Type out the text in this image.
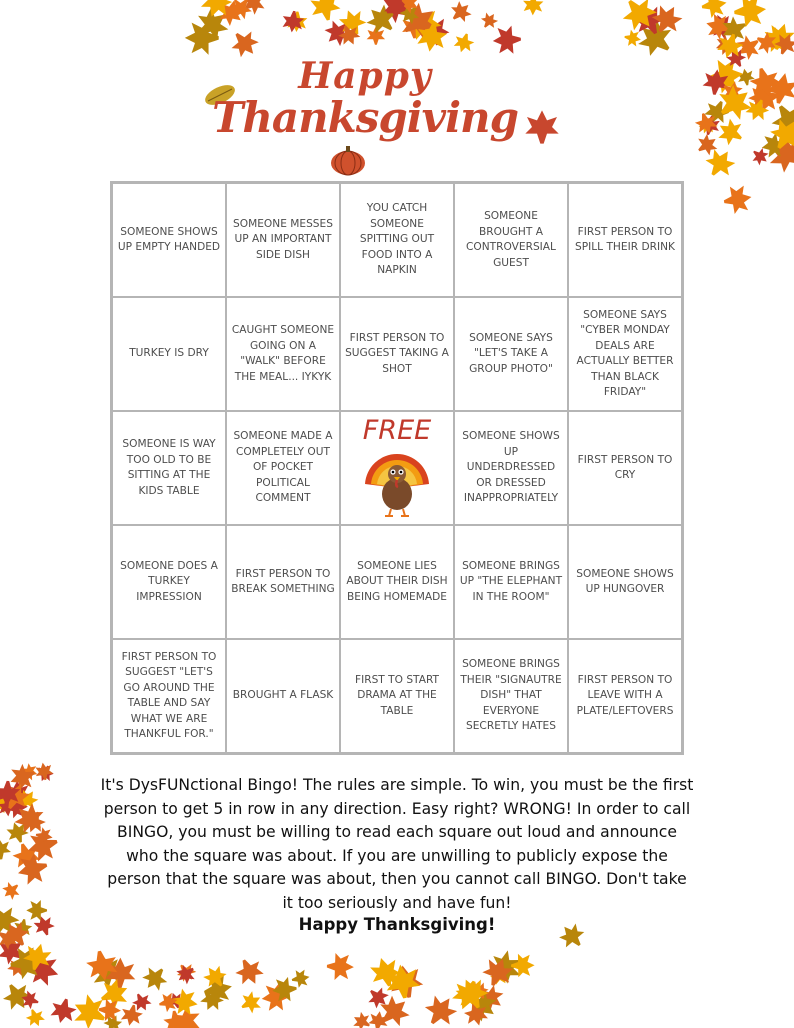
Happy
Thanksgiving
SOMEONE SHOWS UP EMPTY HANDED
SOMEONE MESSES UP AN IMPORTANT SIDE DISH
YOU CATCH SOMEONE SPITTING OUT FOOD INTO A NAPKIN
SOMEONE BROUGHT A CONTROVERSIAL GUEST
FIRST PERSON TO SPILL THEIR DRINK
TURKEY IS DRY
CAUGHT SOMEONE GOING ON A "WALK" BEFORE THE MEAL... IYKYK
FIRST PERSON TO SUGGEST TAKING A SHOT
SOMEONE SAYS "LET'S TAKE A GROUP PHOTO"
SOMEONE SAYS "CYBER MONDAY DEALS ARE ACTUALLY BETTER THAN BLACK FRIDAY"
SOMEONE IS WAY TOO OLD TO BE SITTING AT THE KIDS TABLE
SOMEONE MADE A COMPLETELY OUT OF POCKET POLITICAL COMMENT
FREE	SOMEONE SHOWS UP UNDERDRESSED OR DRESSED INAPPROPRIATELY
FIRST PERSON TO CRY
SOMEONE DOES A TURKEY IMPRESSION
FIRST PERSON TO BREAK SOMETHING
SOMEONE LIES ABOUT THEIR DISH BEING HOMEMADE
SOMEONE BRINGS UP "THE ELEPHANT IN THE ROOM"
SOMEONE SHOWS UP HUNGOVER
FIRST PERSON TO SUGGEST "LET'S GO AROUND THE TABLE AND SAY WHAT WE ARE THANKFUL FOR."
BROUGHT A FLASK
FIRST TO START DRAMA AT THE TABLE
SOMEONE BRINGS THEIR "SIGNAUTRE DISH" THAT EVERYONE SECRETLY HATES
FIRST PERSON TO LEAVE WITH A PLATE/LEFTOVERS
It's DysFUNctional Bingo! The rules are simple. To win, you must be the first person to get 5 in row in any direction. Easy right? WRONG! In order to call BINGO, you must be willing to read each square out loud and announce who the square was about. If you are unwilling to publicly expose the person that the square was about, then you cannot call BINGO. Don't take it too seriously and have fun!
Happy Thanksgiving!
